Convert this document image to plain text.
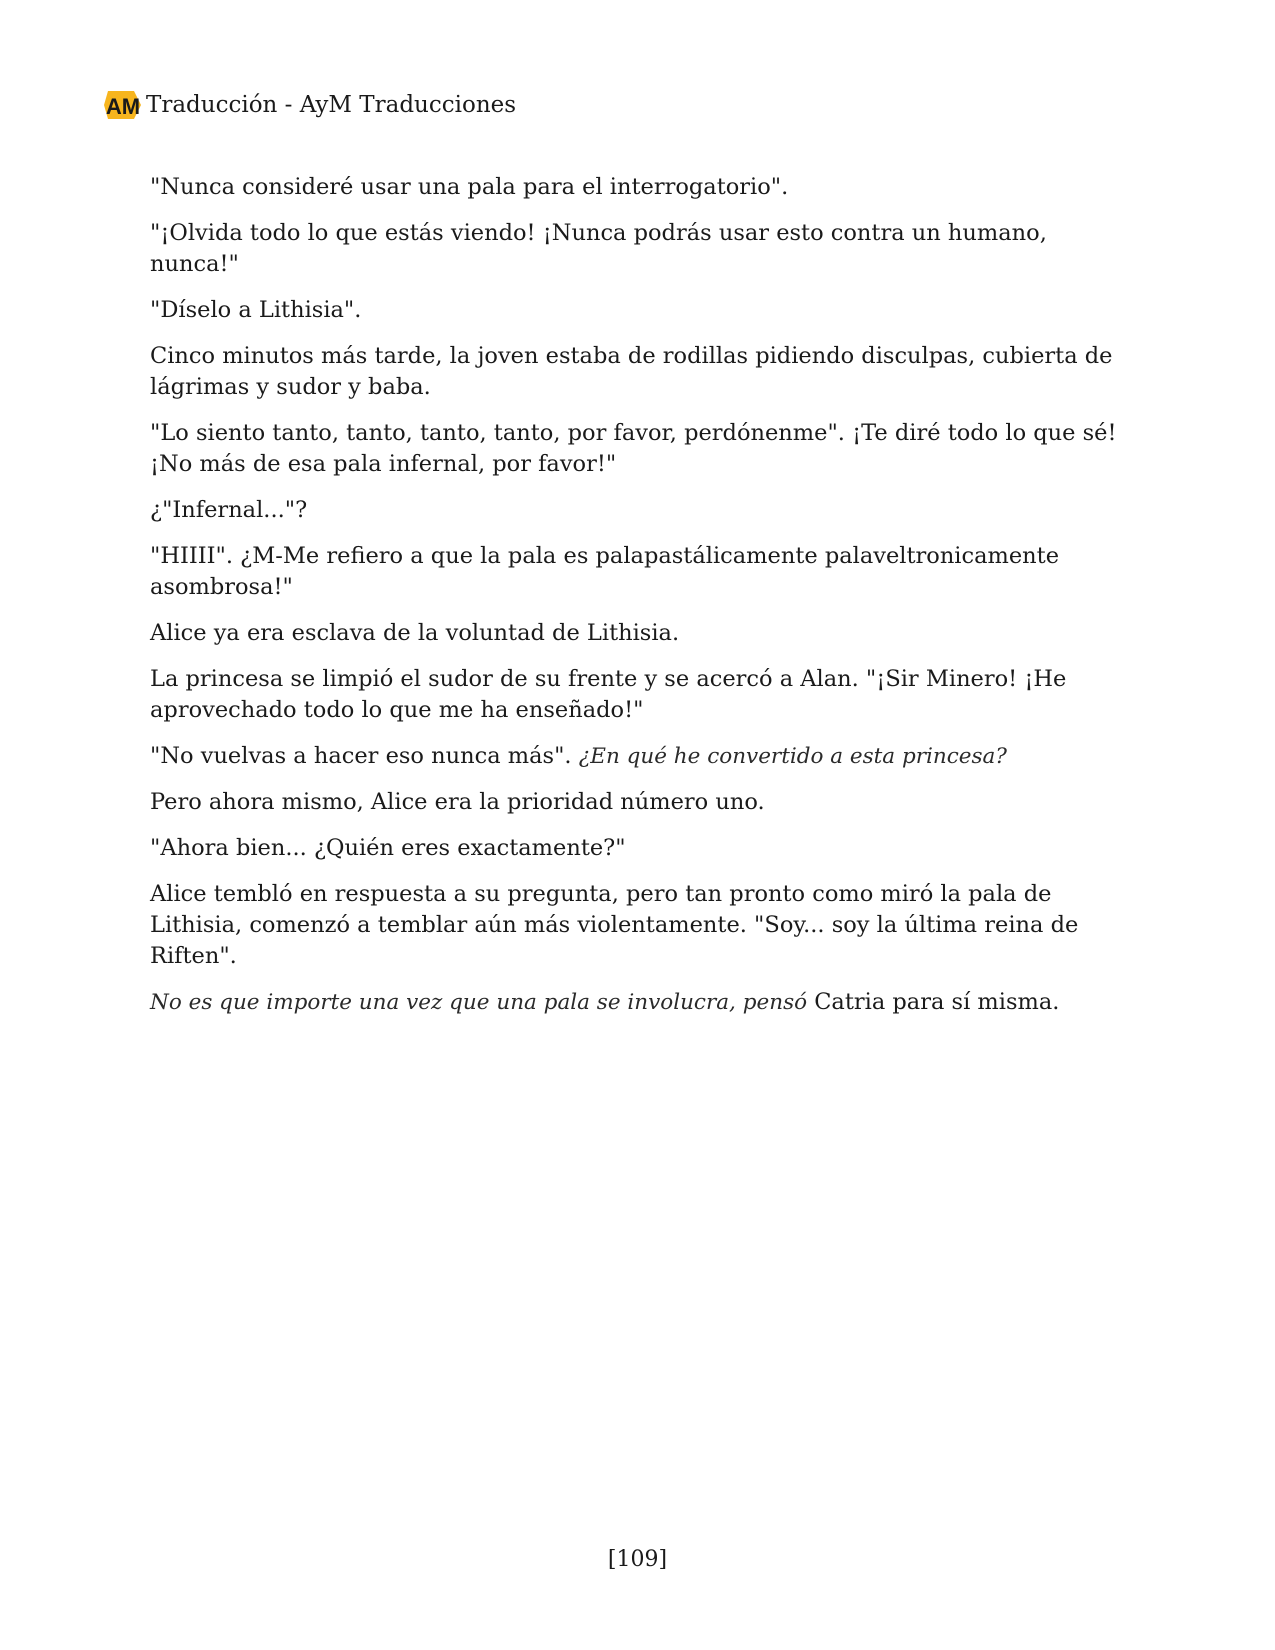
AM Traducción - AyM Traducciones

"Nunca consideré usar una pala para el interrogatorio".

"¡Olvida todo lo que estás viendo! ¡Nunca podrás usar esto contra un humano, nunca!"

"Díselo a Lithisia".

Cinco minutos más tarde, la joven estaba de rodillas pidiendo disculpas, cubierta de lágrimas y sudor y baba.

"Lo siento tanto, tanto, tanto, tanto, por favor, perdónenme". ¡Te diré todo lo que sé! ¡No más de esa pala infernal, por favor!"

¿"Infernal..."?

"HIIII". ¿M-Me refiero a que la pala es palapastálicamente palaveltronicamente asombrosa!"

Alice ya era esclava de la voluntad de Lithisia.

La princesa se limpió el sudor de su frente y se acercó a Alan. "¡Sir Minero! ¡He aprovechado todo lo que me ha enseñado!"

"No vuelvas a hacer eso nunca más". ¿En qué he convertido a esta princesa?

Pero ahora mismo, Alice era la prioridad número uno.

"Ahora bien... ¿Quién eres exactamente?"

Alice tembló en respuesta a su pregunta, pero tan pronto como miró la pala de Lithisia, comenzó a temblar aún más violentamente. "Soy... soy la última reina de Riften".

No es que importe una vez que una pala se involucra, pensó Catria para sí misma.

[109]
